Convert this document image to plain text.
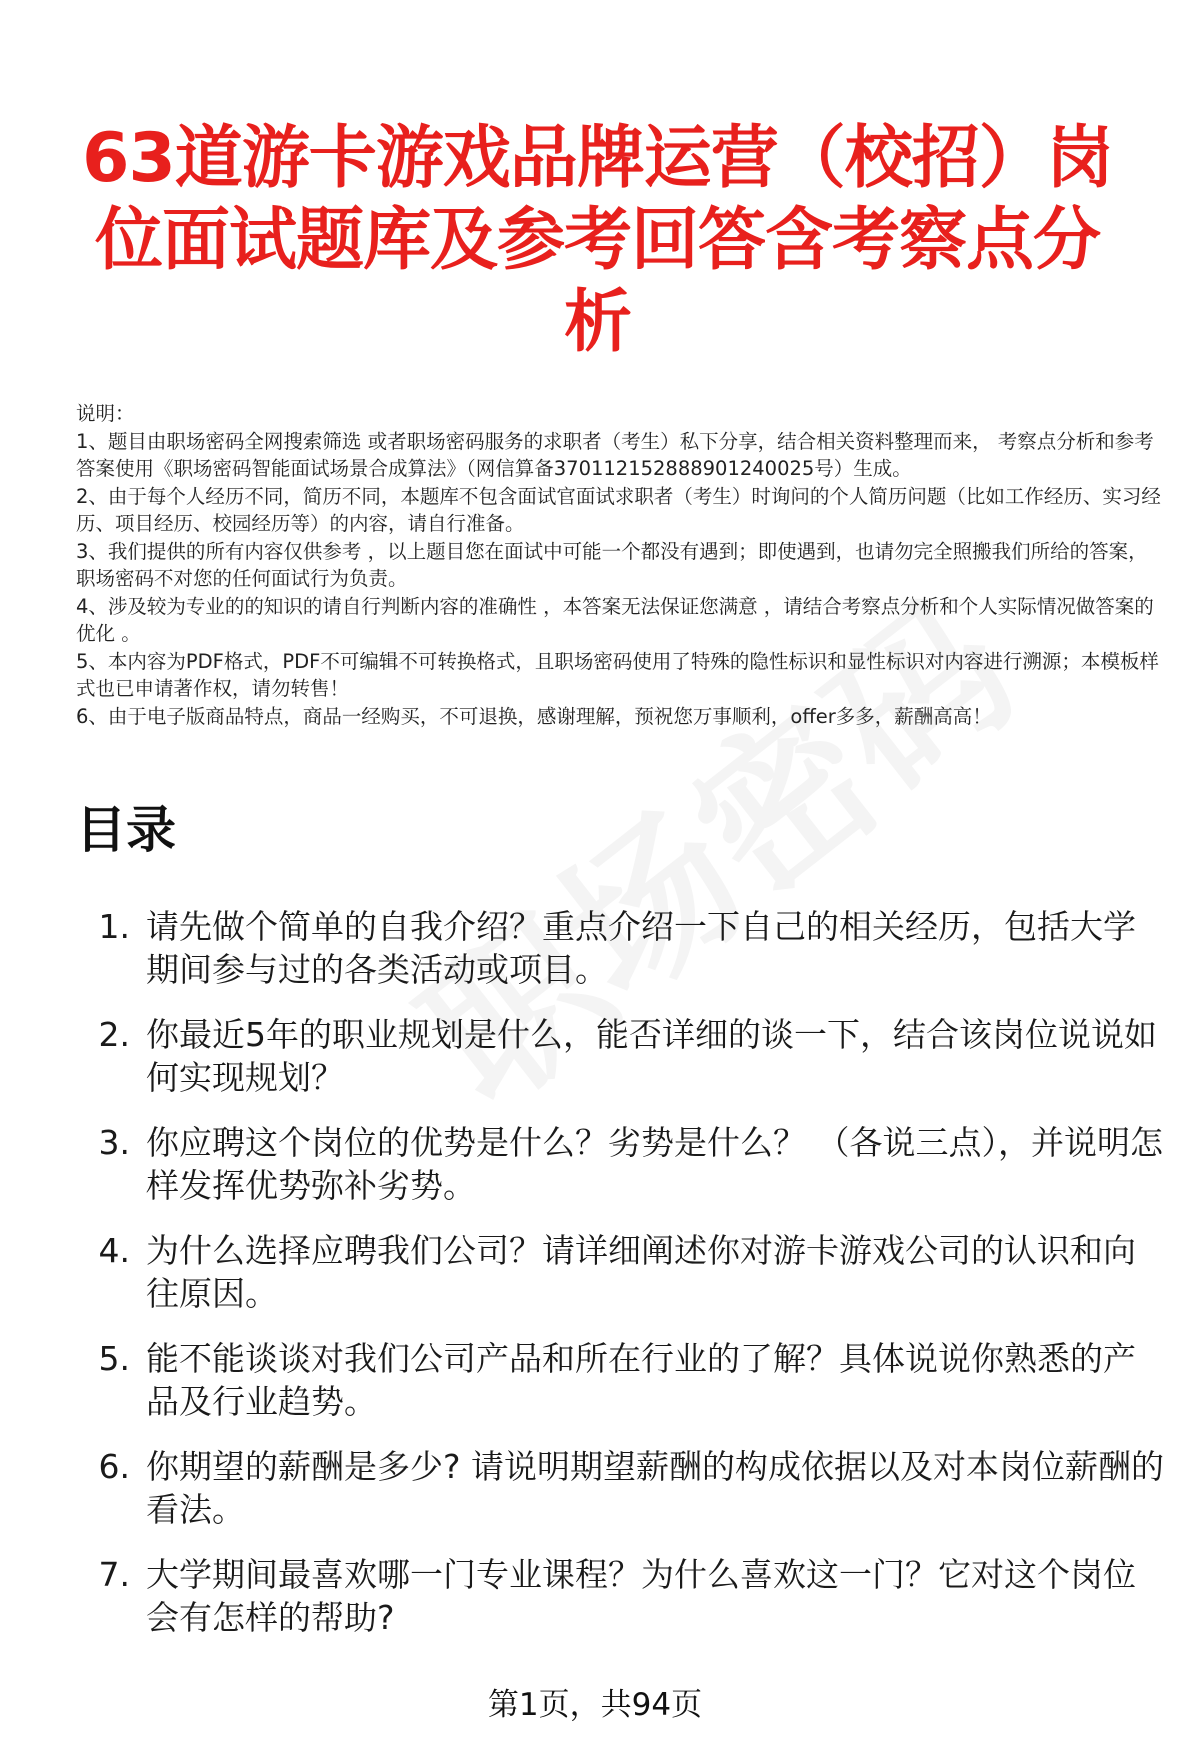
63道游卡游戏品牌运营（校招）岗位面试题库及参考回答含考察点分析

说明：

1、题目由职场密码全网搜索筛选 或者职场密码服务的求职者（考生）私下分享，结合相关资料整理而来， 考察点分析和参考答案使用《职场密码智能面试场景合成算法》（网信算备370112152888901240025号）生成。

2、由于每个人经历不同，简历不同，本题库不包含面试官面试求职者（考生）时询问的个人简历问题（比如工作经历、实习经历、项目经历、校园经历等）的内容，请自行准备。

3、我们提供的所有内容仅供参考 ，以上题目您在面试中可能一个都没有遇到；即使遇到，也请勿完全照搬我们所给的答案，职场密码不对您的任何面试行为负责。

4、涉及较为专业的的知识的请自行判断内容的准确性 ，本答案无法保证您满意 ，请结合考察点分析和个人实际情况做答案的优化 。

5、本内容为PDF格式，PDF不可编辑不可转换格式，且职场密码使用了特殊的隐性标识和显性标识对内容进行溯源；本模板样式也已申请著作权，请勿转售！

6、由于电子版商品特点，商品一经购买，不可退换，感谢理解，预祝您万事顺利，offer多多，薪酬高高！

目录
1. 请先做个简单的自我介绍？重点介绍一下自己的相关经历，包括大学期间参与过的各类活动或项目。
2. 你最近5年的职业规划是什么，能否详细的谈一下，结合该岗位说说如何实现规划？
3. 你应聘这个岗位的优势是什么？劣势是什么？ （各说三点），并说明怎样发挥优势弥补劣势。
4. 为什么选择应聘我们公司？请详细阐述你对游卡游戏公司的认识和向往原因。
5. 能不能谈谈对我们公司产品和所在行业的了解？具体说说你熟悉的产品及行业趋势。
6. 你期望的薪酬是多少? 请说明期望薪酬的构成依据以及对本岗位薪酬的看法。
7. 大学期间最喜欢哪一门专业课程？为什么喜欢这一门？它对这个岗位会有怎样的帮助?
第1页，共94页
